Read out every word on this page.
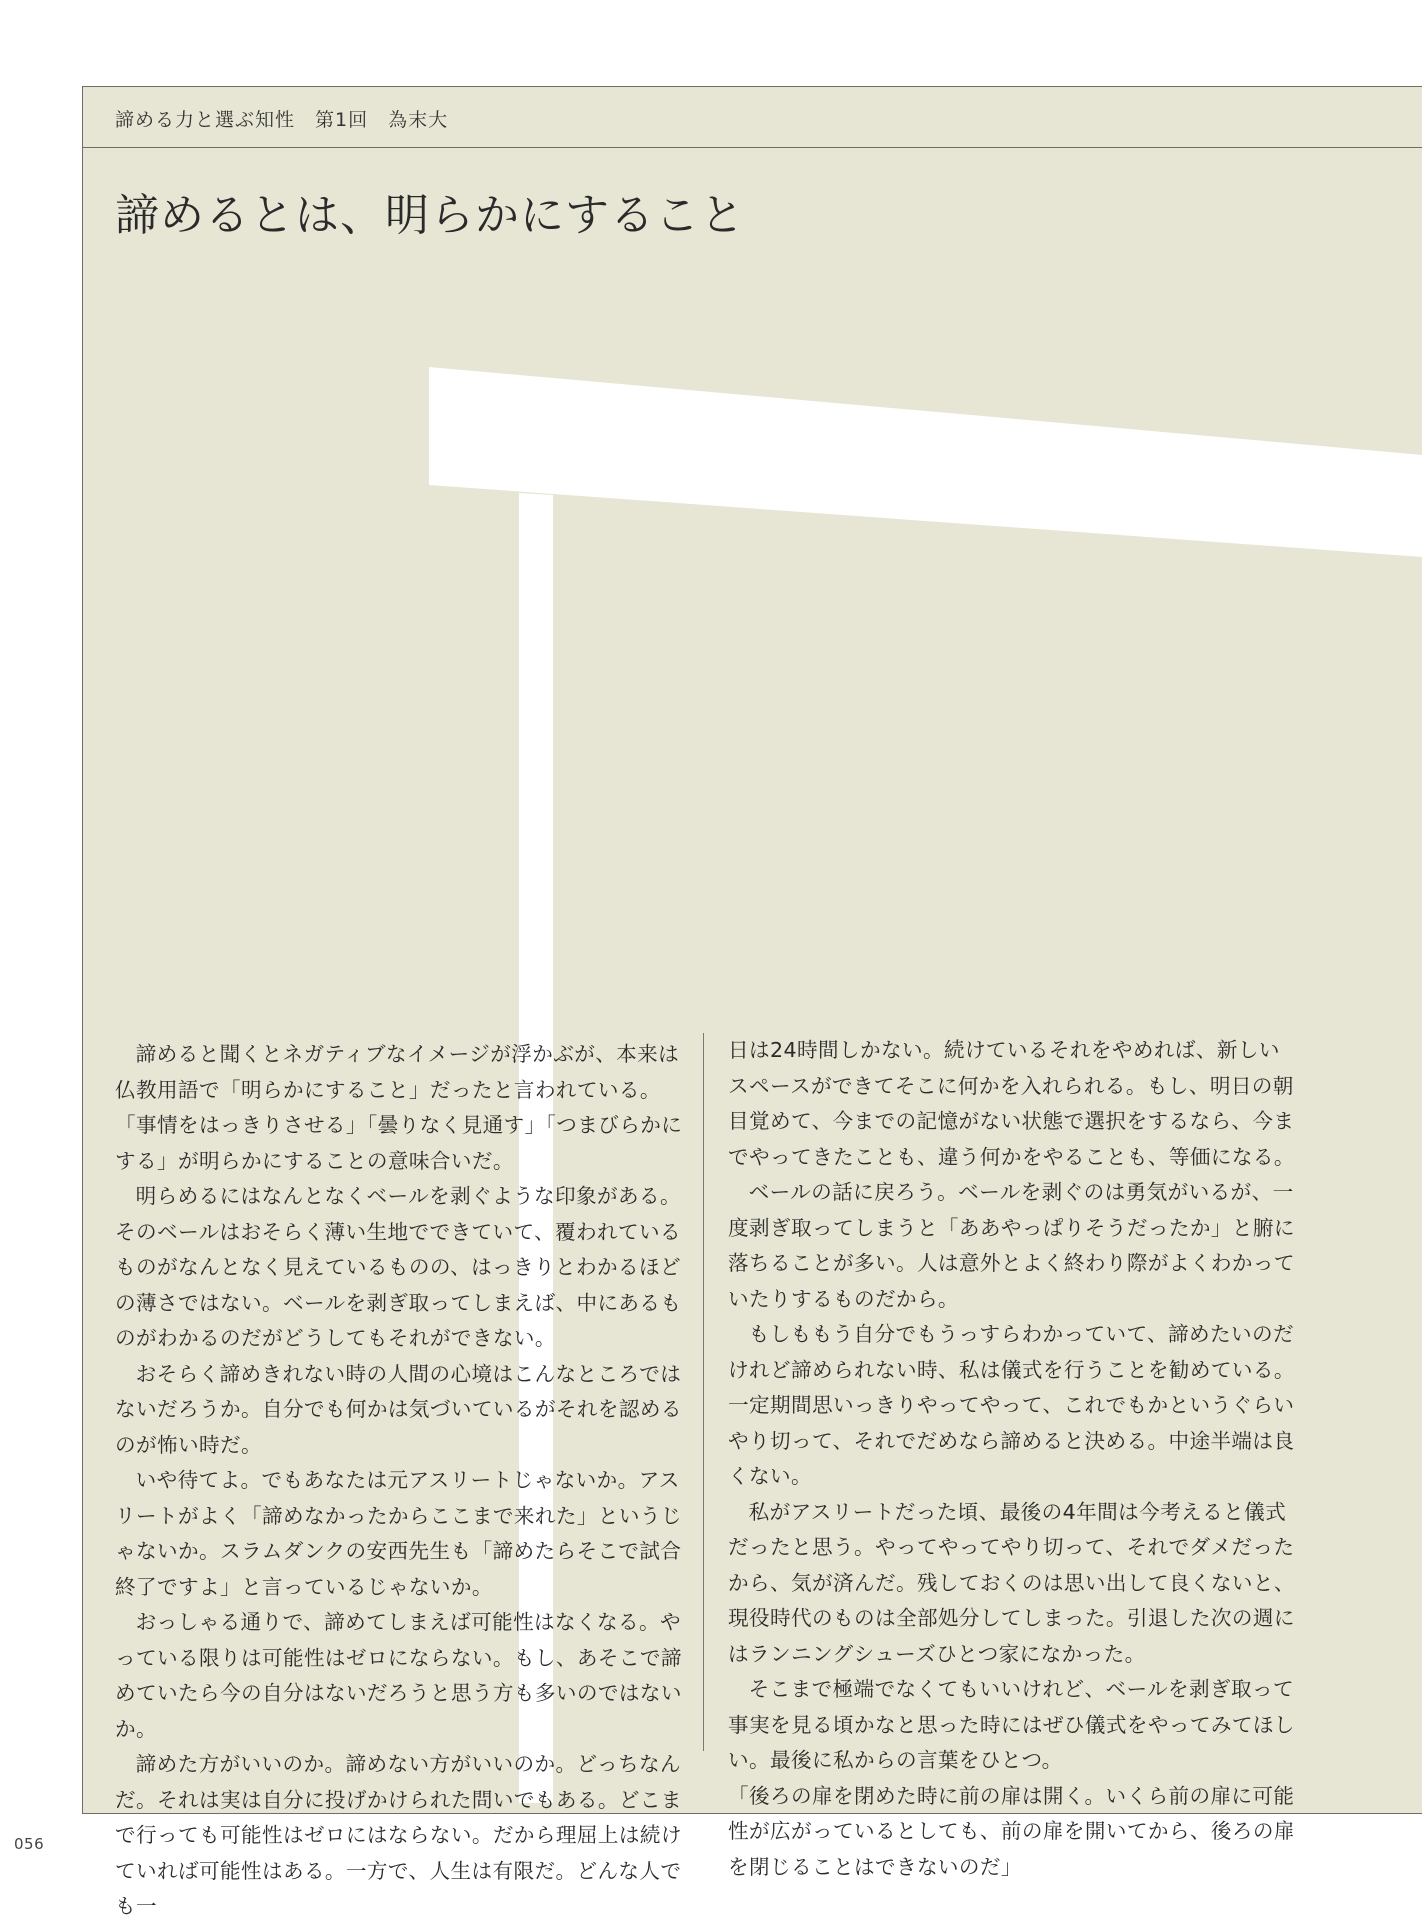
諦める力と選ぶ知性　第1回　為末大
諦めるとは、明らかにすること

諦めると聞くとネガティブなイメージが浮かぶが、本来は仏教用語で「明らかにすること」だったと言われている。「事情をはっきりさせる」「曇りなく見通す」「つまびらかにする」が明らかにすることの意味合いだ。

明らめるにはなんとなくベールを剥ぐような印象がある。そのベールはおそらく薄い生地でできていて、覆われているものがなんとなく見えているものの、はっきりとわかるほどの薄さではない。ベールを剥ぎ取ってしまえば、中にあるものがわかるのだがどうしてもそれができない。

おそらく諦めきれない時の人間の心境はこんなところではないだろうか。自分でも何かは気づいているがそれを認めるのが怖い時だ。

いや待てよ。でもあなたは元アスリートじゃないか。アスリートがよく「諦めなかったからここまで来れた」というじゃないか。スラムダンクの安西先生も「諦めたらそこで試合終了ですよ」と言っているじゃないか。

おっしゃる通りで、諦めてしまえば可能性はなくなる。やっている限りは可能性はゼロにならない。もし、あそこで諦めていたら今の自分はないだろうと思う方も多いのではないか。

諦めた方がいいのか。諦めない方がいいのか。どっちなんだ。それは実は自分に投げかけられた問いでもある。どこまで行っても可能性はゼロにはならない。だから理屈上は続けていれば可能性はある。一方で、人生は有限だ。どんな人でも一

日は24時間しかない。続けているそれをやめれば、新しいスペースができてそこに何かを入れられる。もし、明日の朝目覚めて、今までの記憶がない状態で選択をするなら、今までやってきたことも、違う何かをやることも、等価になる。

ベールの話に戻ろう。ベールを剥ぐのは勇気がいるが、一度剥ぎ取ってしまうと「ああやっぱりそうだったか」と腑に落ちることが多い。人は意外とよく終わり際がよくわかっていたりするものだから。

もしももう自分でもうっすらわかっていて、諦めたいのだけれど諦められない時、私は儀式を行うことを勧めている。一定期間思いっきりやってやって、これでもかというぐらいやり切って、それでだめなら諦めると決める。中途半端は良くない。

私がアスリートだった頃、最後の4年間は今考えると儀式だったと思う。やってやってやり切って、それでダメだったから、気が済んだ。残しておくのは思い出して良くないと、現役時代のものは全部処分してしまった。引退した次の週にはランニングシューズひとつ家になかった。

そこまで極端でなくてもいいけれど、ベールを剥ぎ取って事実を見る頃かなと思った時にはぜひ儀式をやってみてほしい。最後に私からの言葉をひとつ。

「後ろの扉を閉めた時に前の扉は開く。いくら前の扉に可能性が広がっているとしても、前の扉を開いてから、後ろの扉を閉じることはできないのだ」

056
